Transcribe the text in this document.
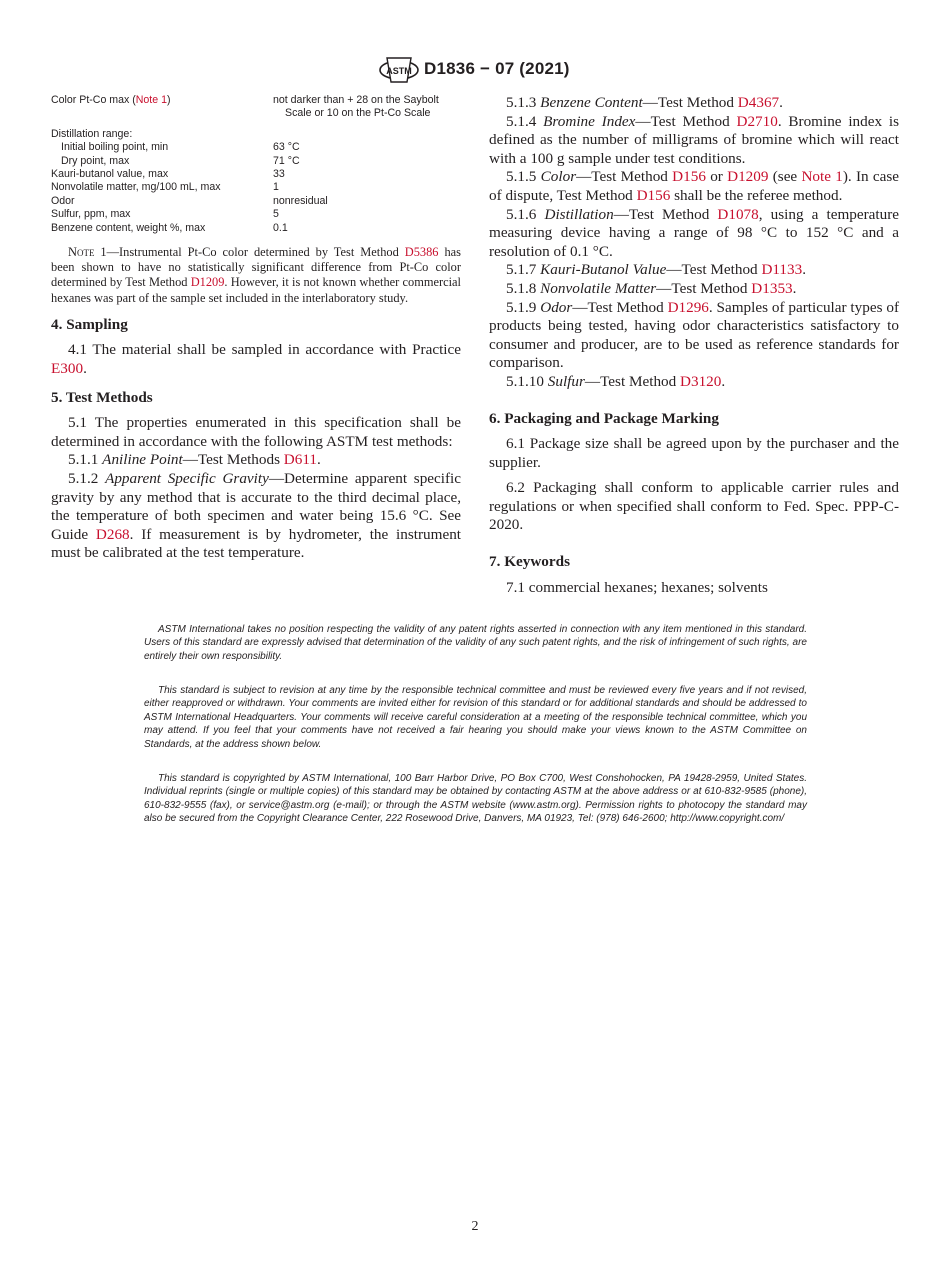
ASTM D1836 − 07 (2021)
Color Pt-Co max (Note 1)	not darker than + 28 on the Saybolt
Scale or 10 on the Pt-Co Scale
Distillation range:
Initial boiling point, min	63 °C
Dry point, max	71 °C
Kauri-butanol value, max	33
Nonvolatile matter, mg/100 mL, max	1
Odor	nonresidual
Sulfur, ppm, max	5
Benzene content, weight %, max	0.1

Note 1—Instrumental Pt-Co color determined by Test Method D5386 has been shown to have no statistically significant difference from Pt-Co color determined by Test Method D1209. However, it is not known whether commercial hexanes was part of the sample set included in the interlaboratory study.

4. Sampling

4.1 The material shall be sampled in accordance with Practice E300.

5. Test Methods

5.1 The properties enumerated in this specification shall be determined in accordance with the following ASTM test methods:

5.1.1 Aniline Point—Test Methods D611.

5.1.2 Apparent Specific Gravity—Determine apparent specific gravity by any method that is accurate to the third decimal place, the temperature of both specimen and water being 15.6 °C. See Guide D268. If measurement is by hydrometer, the instrument must be calibrated at the test temperature.

5.1.3 Benzene Content—Test Method D4367.

5.1.4 Bromine Index—Test Method D2710. Bromine index is defined as the number of milligrams of bromine which will react with a 100 g sample under test conditions.

5.1.5 Color—Test Method D156 or D1209 (see Note 1). In case of dispute, Test Method D156 shall be the referee method.

5.1.6 Distillation—Test Method D1078, using a temperature measuring device having a range of 98 °C to 152 °C and a resolution of 0.1 °C.

5.1.7 Kauri-Butanol Value—Test Method D1133.

5.1.8 Nonvolatile Matter—Test Method D1353.

5.1.9 Odor—Test Method D1296. Samples of particular types of products being tested, having odor characteristics satisfactory to consumer and producer, are to be used as reference standards for comparison.

5.1.10 Sulfur—Test Method D3120.

6. Packaging and Package Marking

6.1 Package size shall be agreed upon by the purchaser and the supplier.

6.2 Packaging shall conform to applicable carrier rules and regulations or when specified shall conform to Fed. Spec. PPP-C-2020.

7. Keywords

7.1 commercial hexanes; hexanes; solvents

ASTM International takes no position respecting the validity of any patent rights asserted in connection with any item mentioned in this standard. Users of this standard are expressly advised that determination of the validity of any such patent rights, and the risk of infringement of such rights, are entirely their own responsibility.

This standard is subject to revision at any time by the responsible technical committee and must be reviewed every five years and if not revised, either reapproved or withdrawn. Your comments are invited either for revision of this standard or for additional standards and should be addressed to ASTM International Headquarters. Your comments will receive careful consideration at a meeting of the responsible technical committee, which you may attend. If you feel that your comments have not received a fair hearing you should make your views known to the ASTM Committee on Standards, at the address shown below.

This standard is copyrighted by ASTM International, 100 Barr Harbor Drive, PO Box C700, West Conshohocken, PA 19428-2959, United States. Individual reprints (single or multiple copies) of this standard may be obtained by contacting ASTM at the above address or at 610-832-9585 (phone), 610-832-9555 (fax), or service@astm.org (e-mail); or through the ASTM website (www.astm.org). Permission rights to photocopy the standard may also be secured from the Copyright Clearance Center, 222 Rosewood Drive, Danvers, MA 01923, Tel: (978) 646-2600; http://www.copyright.com/

2
